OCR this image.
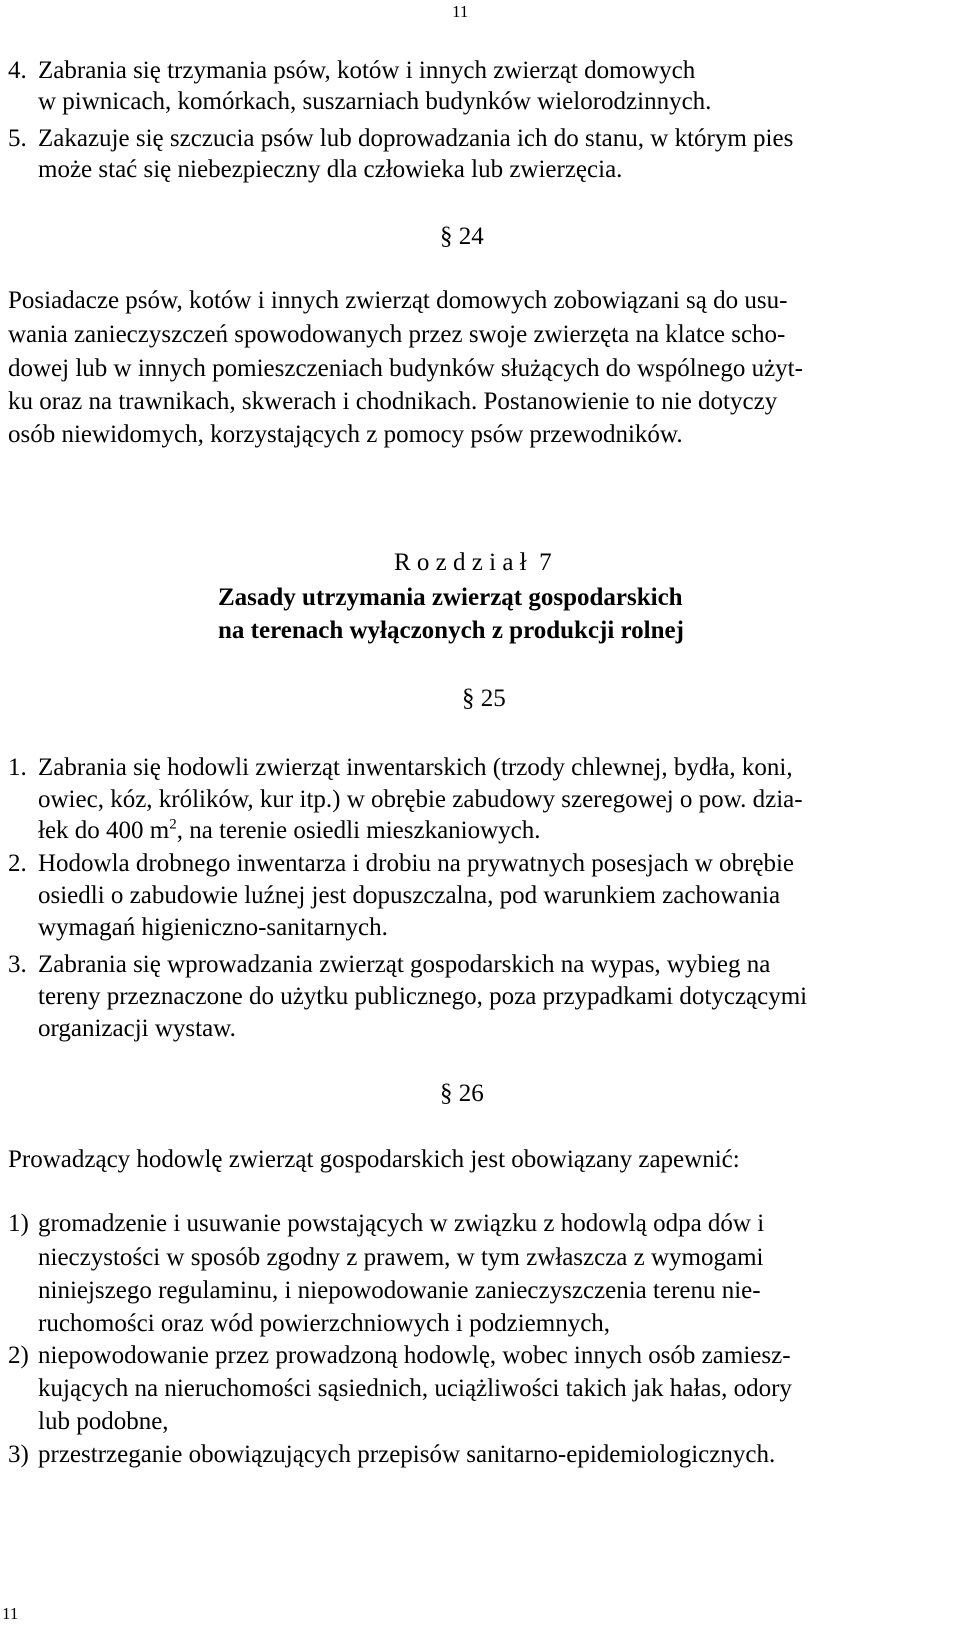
11
4. Zabrania się trzymania psów, kotów i innych zwierząt domowych
w piwnicach, komórkach, suszarniach budynków wielorodzinnych.
5. Zakazuje się szczucia psów lub doprowadzania ich do stanu, w którym pies
może stać się niebezpieczny dla człowieka lub zwierzęcia.
§ 24
Posiadacze psów, kotów i innych zwierząt domowych zobowiązani są do usu-
wania zanieczyszczeń spowodowanych przez swoje zwierzęta na klatce scho-
dowej lub w innych pomieszczeniach budynków służących do wspólnego użyt-
ku oraz na trawnikach, skwerach i chodnikach. Postanowienie to nie dotyczy
osób niewidomych, korzystających z pomocy psów przewodników.
R o z d z i a ł  7
Zasady utrzymania zwierząt gospodarskich
na terenach wyłączonych z produkcji rolnej
§ 25
1. Zabrania się hodowli zwierząt inwentarskich (trzody chlewnej, bydła, koni,
owiec, kóz, królików, kur itp.) w obrębie zabudowy szeregowej o pow. dzia-
łek do 400 $m^2$, na terenie osiedli mieszkaniowych.
2. Hodowla drobnego inwentarza i drobiu na prywatnych posesjach w obrębie
osiedli o zabudowie luźnej jest dopuszczalna, pod warunkiem zachowania
wymagań higieniczno-sanitarnych.
3. Zabrania się wprowadzania zwierząt gospodarskich na wypas, wybieg na
tereny przeznaczone do użytku publicznego, poza przypadkami dotyczącymi
organizacji wystaw.
§ 26
Prowadzący hodowlę zwierząt gospodarskich jest obowiązany zapewnić:
1) gromadzenie i usuwanie powstających w związku z hodowlą odpa dów i
nieczystości w sposób zgodny z prawem, w tym zwłaszcza z wymogami
niniejszego regulaminu, i niepowodowanie zanieczyszczenia terenu nie-
ruchomości oraz wód powierzchniowych i podziemnych,
2) niepowodowanie przez prowadzoną hodowlę, wobec innych osób zamiesz-
kujących na nieruchomości sąsiednich, uciążliwości takich jak hałas, odory
lub podobne,
3) przestrzeganie obowiązujących przepisów sanitarno-epidemiologicznych.
11
